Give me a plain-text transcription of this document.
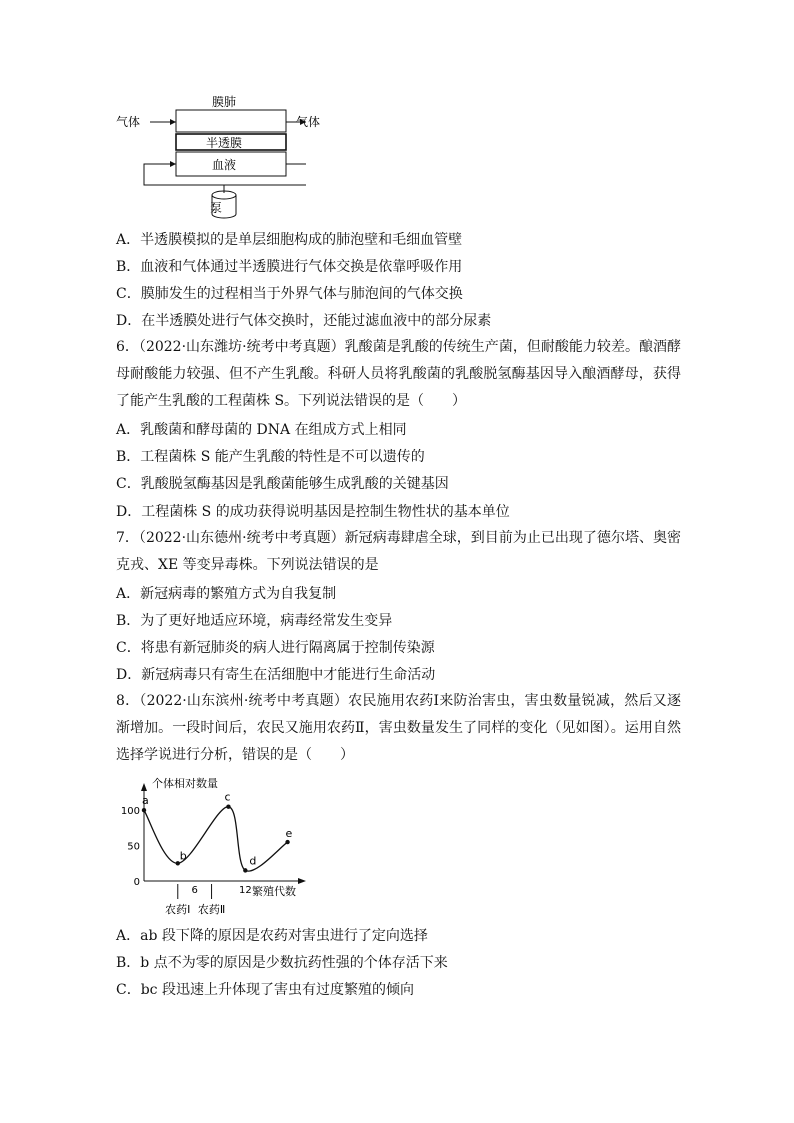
泵
膜肺
半透膜
血液
气体	气体
A．半透膜模拟的是单层细胞构成的肺泡壁和毛细血管壁
B．血液和气体通过半透膜进行气体交换是依靠呼吸作用
C．膜肺发生的过程相当于外界气体与肺泡间的气体交换
D．在半透膜处进行气体交换时，还能过滤血液中的部分尿素
6．（2022·山东潍坊·统考中考真题）乳酸菌是乳酸的传统生产菌，但耐酸能力较差。酿酒酵母耐酸能力较强、但不产生乳酸。科研人员将乳酸菌的乳酸脱氢酶基因导入酿酒酵母，获得了能产生乳酸的工程菌株 S。下列说法错误的是（　　）
A．乳酸菌和酵母菌的 DNA 在组成方式上相同
B．工程菌株 S 能产生乳酸的特性是不可以遗传的
C．乳酸脱氢酶基因是乳酸菌能够生成乳酸的关键基因
D．工程菌株 S 的成功获得说明基因是控制生物性状的基本单位
7．（2022·山东德州·统考中考真题）新冠病毒肆虐全球，到目前为止已出现了德尔塔、奥密克戎、XE 等变异毒株。下列说法错误的是
A．新冠病毒的繁殖方式为自我复制
B．为了更好地适应环境，病毒经常发生变异
C．将患有新冠肺炎的病人进行隔离属于控制传染源
D．新冠病毒只有寄生在活细胞中才能进行生命活动
8．（2022·山东滨州·统考中考真题）农民施用农药Ⅰ来防治害虫，害虫数量锐减，然后又逐渐增加。一段时间后，农民又施用农药Ⅱ，害虫数量发生了同样的变化（见如图）。运用自然选择学说进行分析，错误的是（　　）
个体相对数量
繁殖代数
100
50
0
6	12
a
b
c
d
e
农药Ⅰ 农药Ⅱ
A．ab 段下降的原因是农药对害虫进行了定向选择
B．b 点不为零的原因是少数抗药性强的个体存活下来
C．bc 段迅速上升体现了害虫有过度繁殖的倾向
